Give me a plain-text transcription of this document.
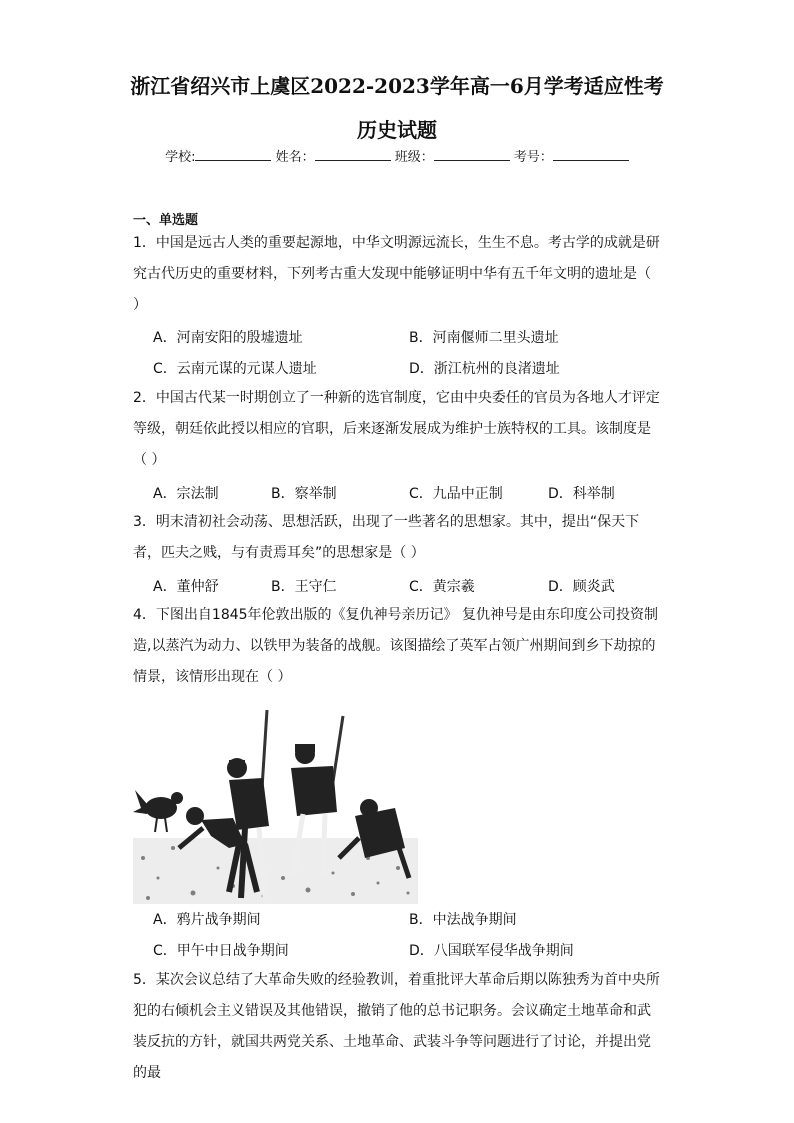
浙江省绍兴市上虞区2022-2023学年高一6月学考适应性考
历史试题
学校:	姓名：	班级：	考号：
一、单选题

1．中国是远古人类的重要起源地，中华文明源远流长，生生不息。考古学的成就是研究古代历史的重要材料，下列考古重大发现中能够证明中华有五千年文明的遗址是（ ）

A．河南安阳的殷墟遗址	B．河南偃师二里头遗址
C．云南元谋的元谋人遗址	D．浙江杭州的良渚遗址

2．中国古代某一时期创立了一种新的选官制度，它由中央委任的官员为各地人才评定等级，朝廷依此授以相应的官职，后来逐渐发展成为维护士族特权的工具。该制度是（ ）

A．宗法制	B．察举制	C．九品中正制	D．科举制

3．明末清初社会动荡、思想活跃，出现了一些著名的思想家。其中，提出“保天下者，匹夫之贱，与有责焉耳矣”的思想家是（ ）

A．董仲舒	B．王守仁	C．黄宗羲	D．顾炎武

4．下图出自1845年伦敦出版的《复仇神号亲历记》 复仇神号是由东印度公司投资制造,以蒸汽为动力、以铁甲为装备的战舰。该图描绘了英军占领广州期间到乡下劫掠的情景，该情形出现在（ ）

A．鸦片战争期间	B．中法战争期间
C．甲午中日战争期间	D．八国联军侵华战争期间

5．某次会议总结了大革命失败的经验教训，着重批评大革命后期以陈独秀为首中央所犯的右倾机会主义错误及其他错误，撤销了他的总书记职务。会议确定土地革命和武装反抗的方针，就国共两党关系、土地革命、武装斗争等问题进行了讨论，并提出党的最
